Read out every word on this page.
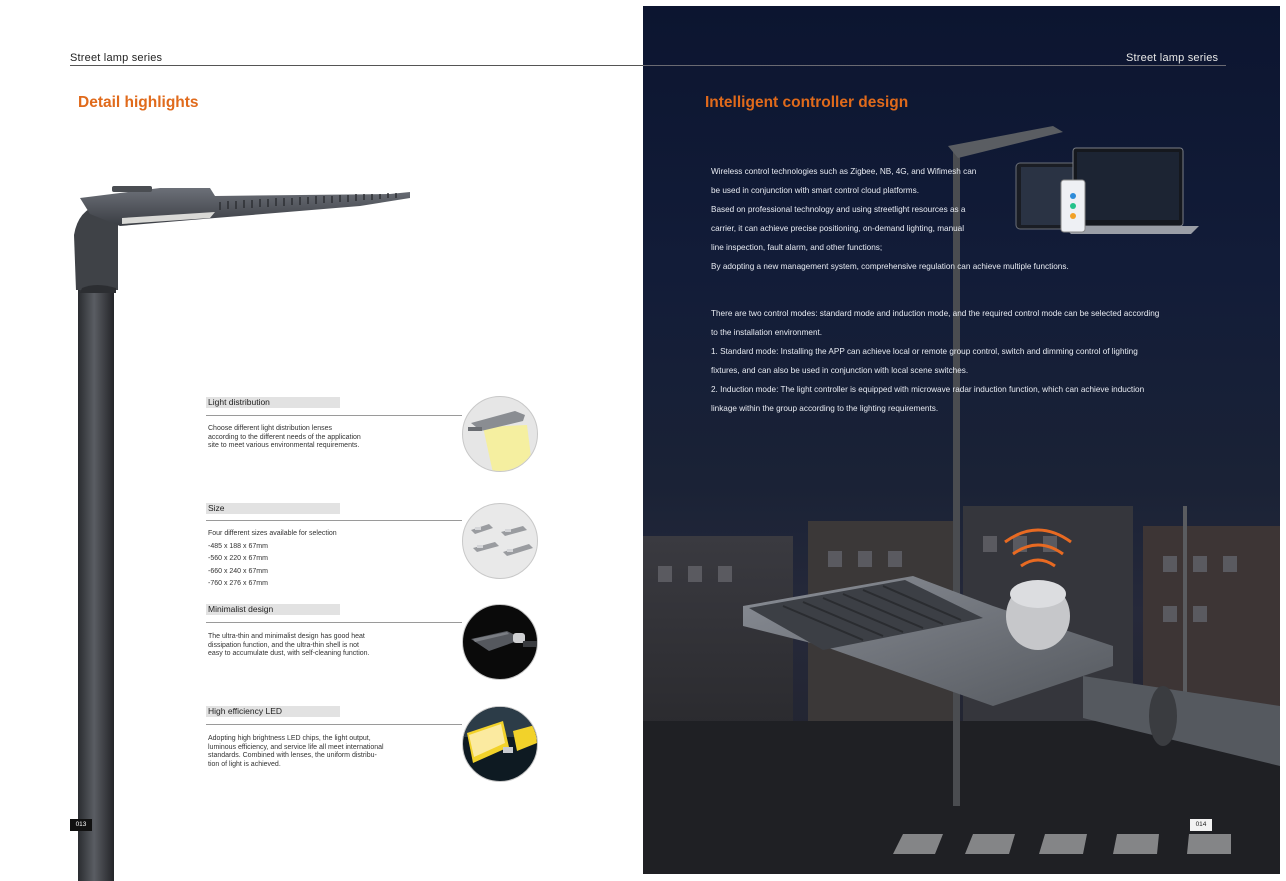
Street lamp series
Detail highlights
Light distribution
Choose different light distribution lenses
according to the different needs of the application
site to meet various environmental requirements.
Size
Four different sizes available for selection
-485 x 188 x 67mm
-560 x 220 x 67mm
-660 x 240 x 67mm
-760 x 276 x 67mm
Minimalist design
The ultra-thin and minimalist design has good heat
dissipation function, and the ultra-thin shell is not
easy to accumulate dust, with self-cleaning function.
High efficiency LED
Adopting high brightness LED chips, the light output,
luminous efficiency, and service life all meet international
standards. Combined with lenses, the uniform distribu-
tion of light is achieved.
013
Street lamp series
Intelligent controller design

Wireless control technologies such as Zigbee, NB, 4G, and Wifimesh can

be used in conjunction with smart control cloud platforms.

Based on professional technology and using streetlight resources as a

carrier, it can achieve precise positioning, on-demand lighting, manual

line inspection, fault alarm, and other functions;

By adopting a new management system, comprehensive regulation can achieve multiple functions.

There are two control modes: standard mode and induction mode, and the required control mode can be selected according

to the installation environment.

1. Standard mode: Installing the APP can achieve local or remote group control, switch and dimming control of lighting

fixtures, and can also be used in conjunction with local scene switches.

2. Induction mode: The light controller is equipped with microwave radar induction function, which can achieve induction

linkage within the group according to the lighting requirements.

014
